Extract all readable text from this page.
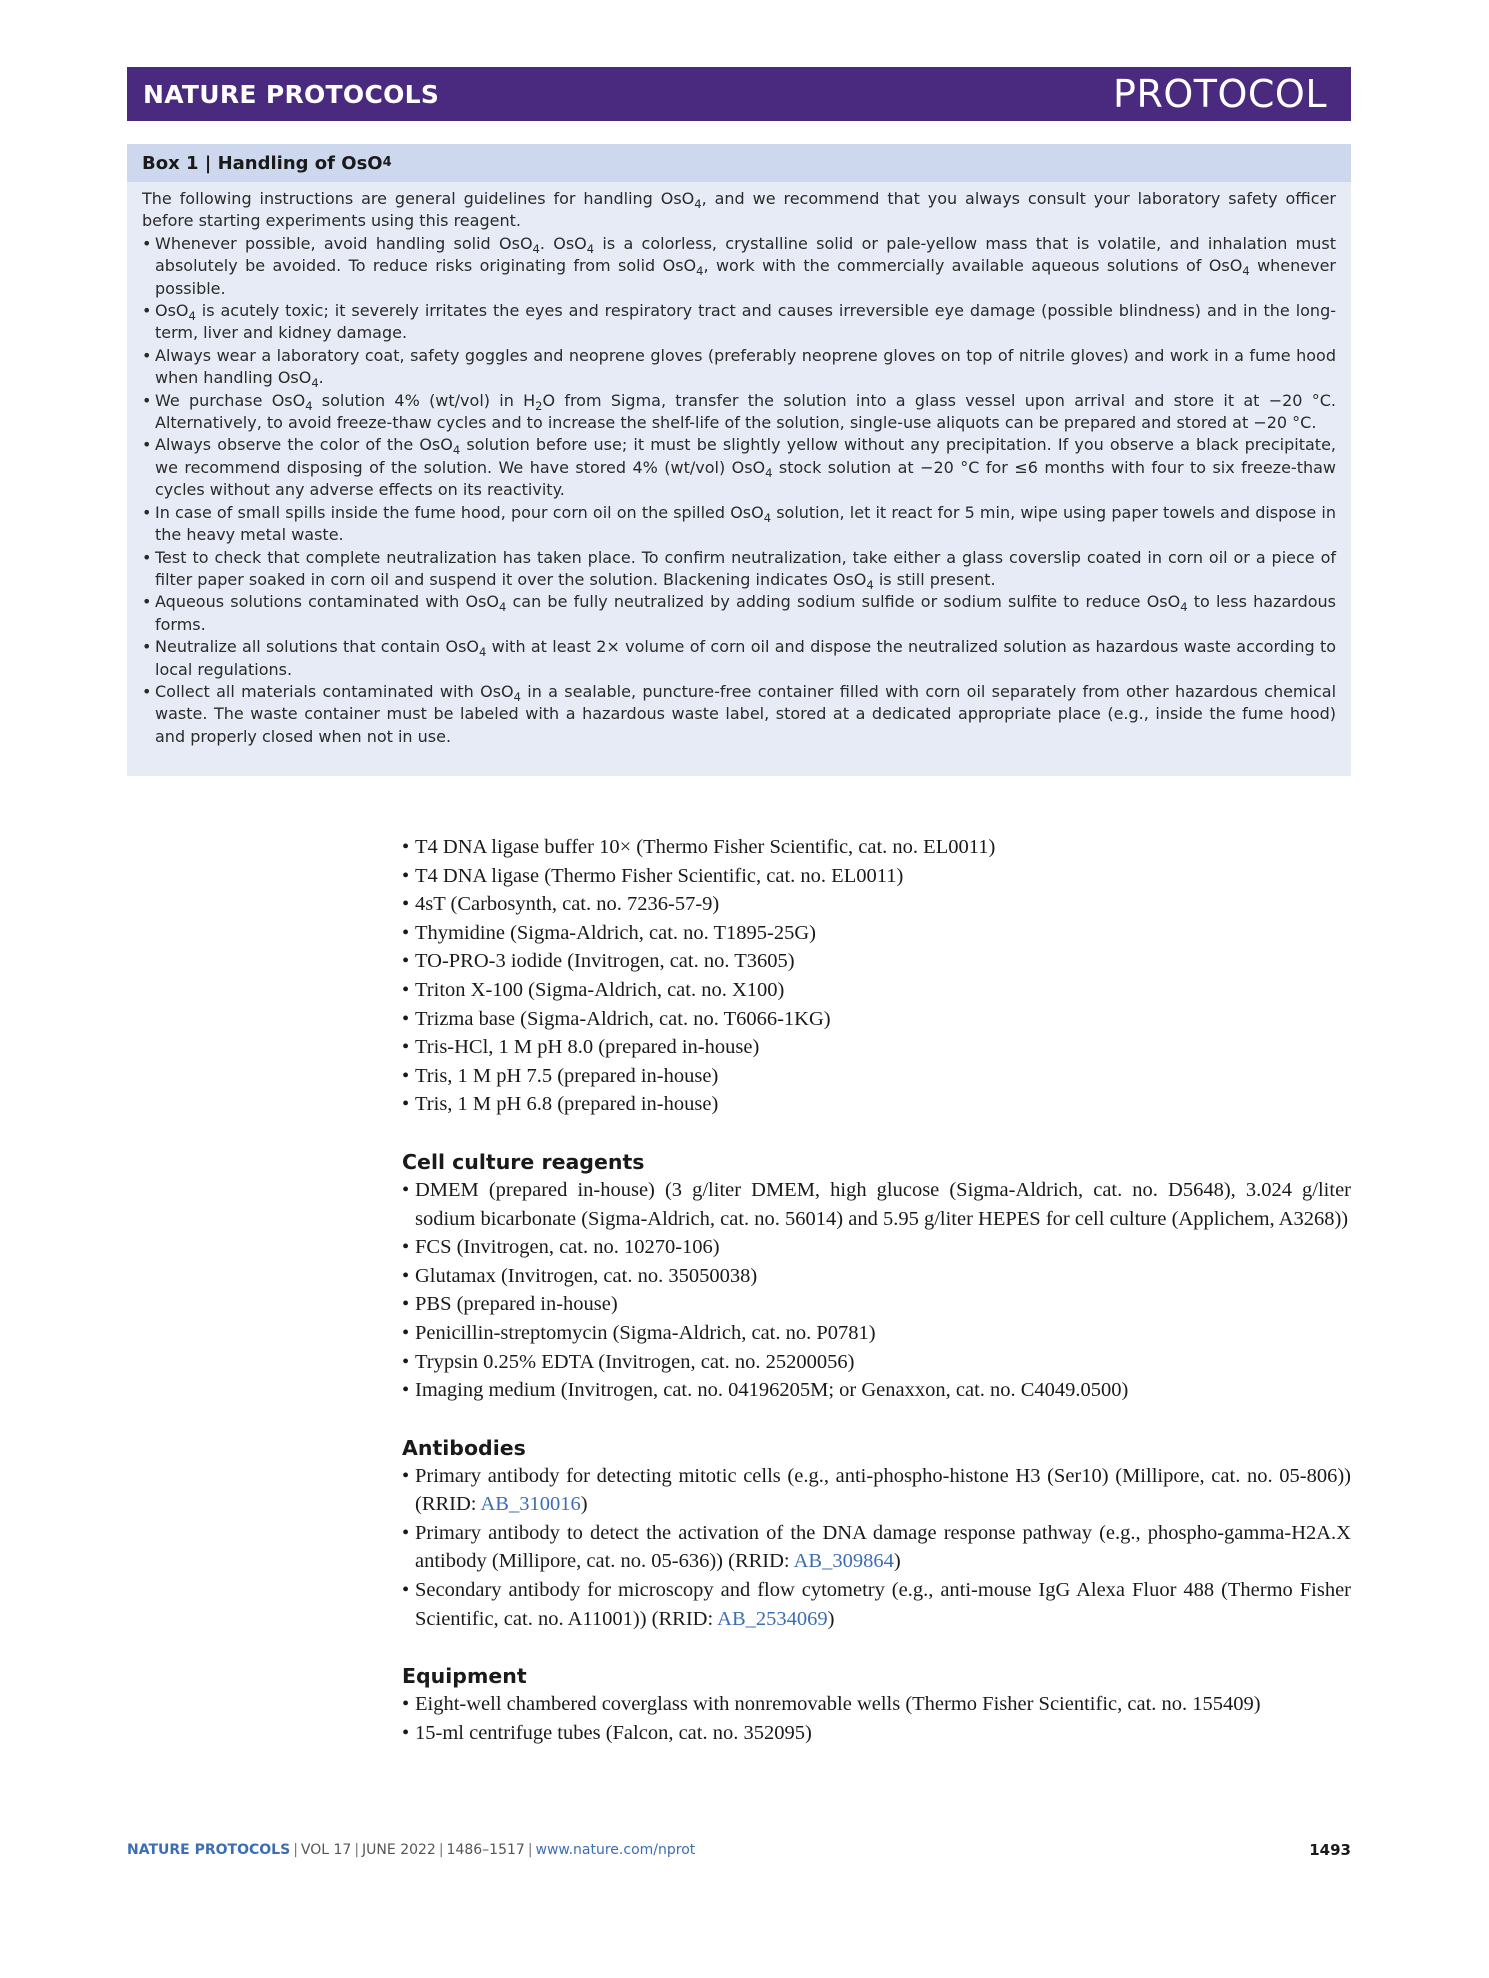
NATURE PROTOCOLS	PROTOCOL
Box 1 | Handling of OsO 4

The following instructions are general guidelines for handling OsO$_4$, and we recommend that you always consult your laboratory safety officer before starting experiments using this reagent.

• Whenever possible, avoid handling solid OsO$_4$. OsO$_4$ is a colorless, crystalline solid or pale-yellow mass that is volatile, and inhalation must absolutely be avoided. To reduce risks originating from solid OsO$_4$, work with the commercially available aqueous solutions of OsO$_4$ whenever possible.
• OsO$_4$ is acutely toxic; it severely irritates the eyes and respiratory tract and causes irreversible eye damage (possible blindness) and in the long-term, liver and kidney damage.
• Always wear a laboratory coat, safety goggles and neoprene gloves (preferably neoprene gloves on top of nitrile gloves) and work in a fume hood when handling OsO$_4$.
• We purchase OsO$_4$ solution 4% (wt/vol) in $H_2O$ from Sigma, transfer the solution into a glass vessel upon arrival and store it at −20 °C. Alternatively, to avoid freeze-thaw cycles and to increase the shelf-life of the solution, single-use aliquots can be prepared and stored at −20 °C.
• Always observe the color of the OsO$_4$ solution before use; it must be slightly yellow without any precipitation. If you observe a black precipitate, we recommend disposing of the solution. We have stored 4% (wt/vol) OsO$_4$ stock solution at −20 °C for ≤6 months with four to six freeze-thaw cycles without any adverse effects on its reactivity.
• In case of small spills inside the fume hood, pour corn oil on the spilled OsO$_4$ solution, let it react for 5 min, wipe using paper towels and dispose in the heavy metal waste.
• Test to check that complete neutralization has taken place. To confirm neutralization, take either a glass coverslip coated in corn oil or a piece of filter paper soaked in corn oil and suspend it over the solution. Blackening indicates OsO$_4$ is still present.
• Aqueous solutions contaminated with OsO$_4$ can be fully neutralized by adding sodium sulfide or sodium sulfite to reduce OsO$_4$ to less hazardous forms.
• Neutralize all solutions that contain OsO$_4$ with at least 2× volume of corn oil and dispose the neutralized solution as hazardous waste according to local regulations.
• Collect all materials contaminated with OsO$_4$ in a sealable, puncture-free container filled with corn oil separately from other hazardous chemical waste. The waste container must be labeled with a hazardous waste label, stored at a dedicated appropriate place (e.g., inside the fume hood) and properly closed when not in use.
• T4 DNA ligase buffer 10× (Thermo Fisher Scientific, cat. no. EL0011)
• T4 DNA ligase (Thermo Fisher Scientific, cat. no. EL0011)
• 4sT (Carbosynth, cat. no. 7236-57-9)
• Thymidine (Sigma-Aldrich, cat. no. T1895-25G)
• TO-PRO-3 iodide (Invitrogen, cat. no. T3605)
• Triton X-100 (Sigma-Aldrich, cat. no. X100)
• Trizma base (Sigma-Aldrich, cat. no. T6066-1KG)
• Tris-HCl, 1 M pH 8.0 (prepared in-house)
• Tris, 1 M pH 7.5 (prepared in-house)
• Tris, 1 M pH 6.8 (prepared in-house)
Cell culture reagents
• DMEM (prepared in-house) (3 g/liter DMEM, high glucose (Sigma-Aldrich, cat. no. D5648), 3.024 g/liter sodium bicarbonate (Sigma-Aldrich, cat. no. 56014) and 5.95 g/liter HEPES for cell culture (Applichem, A3268))
• FCS (Invitrogen, cat. no. 10270-106)
• Glutamax (Invitrogen, cat. no. 35050038)
• PBS (prepared in-house)
• Penicillin-streptomycin (Sigma-Aldrich, cat. no. P0781)
• Trypsin 0.25% EDTA (Invitrogen, cat. no. 25200056)
• Imaging medium (Invitrogen, cat. no. 04196205M; or Genaxxon, cat. no. C4049.0500)
Antibodies
• Primary antibody for detecting mitotic cells (e.g., anti-phospho-histone H3 (Ser10) (Millipore, cat. no. 05-806)) (RRID: AB_310016)
• Primary antibody to detect the activation of the DNA damage response pathway (e.g., phospho-gamma-H2A.X antibody (Millipore, cat. no. 05-636)) (RRID: AB_309864)
• Secondary antibody for microscopy and flow cytometry (e.g., anti-mouse IgG Alexa Fluor 488 (Thermo Fisher Scientific, cat. no. A11001)) (RRID: AB_2534069)
Equipment
• Eight-well chambered coverglass with nonremovable wells (Thermo Fisher Scientific, cat. no. 155409)
• 15-ml centrifuge tubes (Falcon, cat. no. 352095)
NATURE PROTOCOLS | VOL 17 | JUNE 2022 | 1486–1517 | www.nature.com/nprot	1493
